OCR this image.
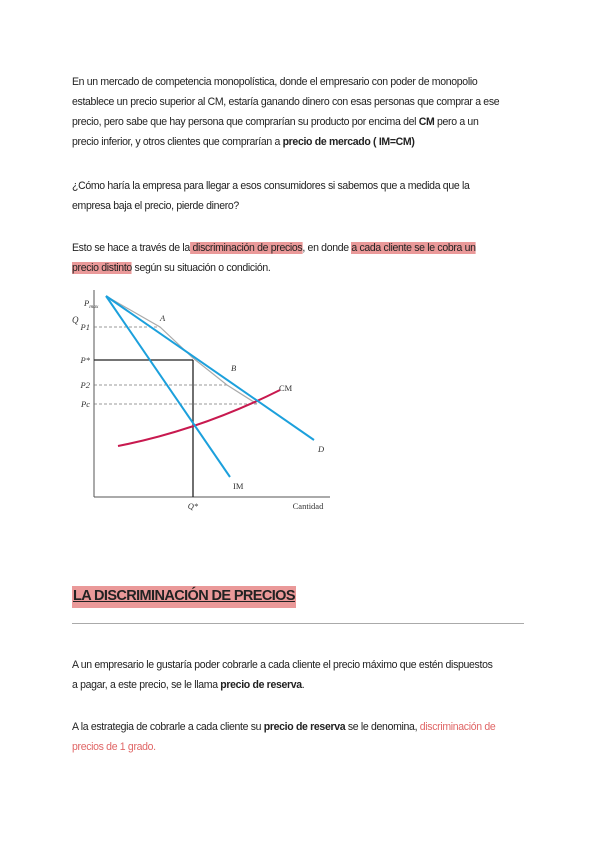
En un mercado de competencia monopolística, donde el empresario con poder de monopolio establece un precio superior al CM, estaría ganando dinero con esas personas que comprar a ese precio, pero sabe que hay persona que comprarían su producto por encima del CM pero a un precio inferior, y otros clientes que comprarían a precio de mercado ( IM=CM)
¿Cómo haría la empresa para llegar a esos consumidores si sabemos que a medida que la empresa baja el precio, pierde dinero?
Esto se hace a través de la discriminación de precios, en donde a cada cliente se le cobra un precio distinto según su situación o condición.
Q
$P_{max}$
P1
P*
P2
Pc
A
B
CM
D
IM
Q*	Cantidad
LA DISCRIMINACIÓN DE PRECIOS
A un empresario le gustaría poder cobrarle a cada cliente el precio máximo que estén dispuestos a pagar, a este precio, se le llama precio de reserva.
A la estrategia de cobrarle a cada cliente su precio de reserva se le denomina, discriminación de precios de 1 grado.
